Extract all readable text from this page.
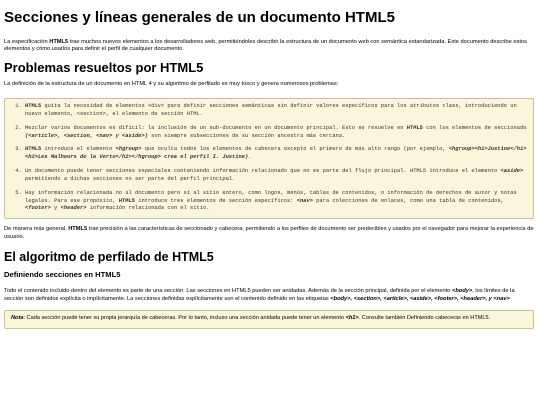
Secciones y líneas generales de un documento HTML5

La especificación HTML5 trae muchos nuevos elementos a los desarrolladores web, permitiéndoles describir la estructura de un documento web con semántica estandarizada. Este documento describe estos elementos y cómo usarlos para definir el perfil de cualquier documento.

Problemas resueltos por HTML5

La definición de la estructura de un documento en HTML 4 y su algoritmo de perfilado es muy tosco y genera numerosos problemas:

1. HTML5 quita la necesidad de elementos <div> para definir secciones semánticas sin definir valores específicos para los atributos class, introduciendo un nuevo elemento, <section>, el elemento de sección HTML.
2. Mezclar varios documentos es difícil: la inclusión de un sub-documento en un documento principal. Esto se resuelve en HTML5 con los elementos de seccionado (<article>, <section, <nav> y <aside>) son siempre subsecciones de su sección ancestra más cercana.
3. HTML5 introduce el elemento <hgroup> que oculta todos los elementos de cabecera excepto el primero de más alto rango (por ejemplo, <hgroup><h1>Justine</h1><h2>Les Malheurs de la Vertu</h2></hgroup> crea el perfil I. Justine).
4. Un documento puede tener secciones especiales conteniendo información relacionado que no es parte del flujo principal. HTML5 introduce el elemento <aside> permitiendo a dichas secciones no ser parte del perfil principal.
5. Hay información relacionada no al documento pero sí al sitio entero, como logos, menús, tablas de contenidos, o información de derechos de autor y notas legales. Para ese propósito, HTML5 introduce tres elementos de sección específicos: <nav> para colecciones de enlaces, como una tabla de contenidos,<footer> y <header> información relacionada con el sitio.

De manera más general, HTML5 trae precisión a las características de seccionado y cabecera, permitiendo a los perfiles de documento ser predecibles y usados por el navegador para mejorar la experiencia de usuario.

El algoritmo de perfilado de HTML5
Definiendo secciones en HTML5

Todo el contenido incluido dentro del elemento es parte de una sección. Las secciones en HTML5 pueden ser anidadas. Además de la sección principal, definida por el elemento <body>, los límites de la sección son definidos explícita o implícitamente. La secciones definidas explícitamente son el contenido definido en las etiquetas <body>, <section>, <article>, <aside>, <footer>, <header>, y <nav>

Nota: Cada sección puede tener su propia jerarquía de cabeceras. Por lo tanto, incluso una sección anidada puede tener un elemento <h1>. Consulte también Definiendo cabeceras en HTML5.
